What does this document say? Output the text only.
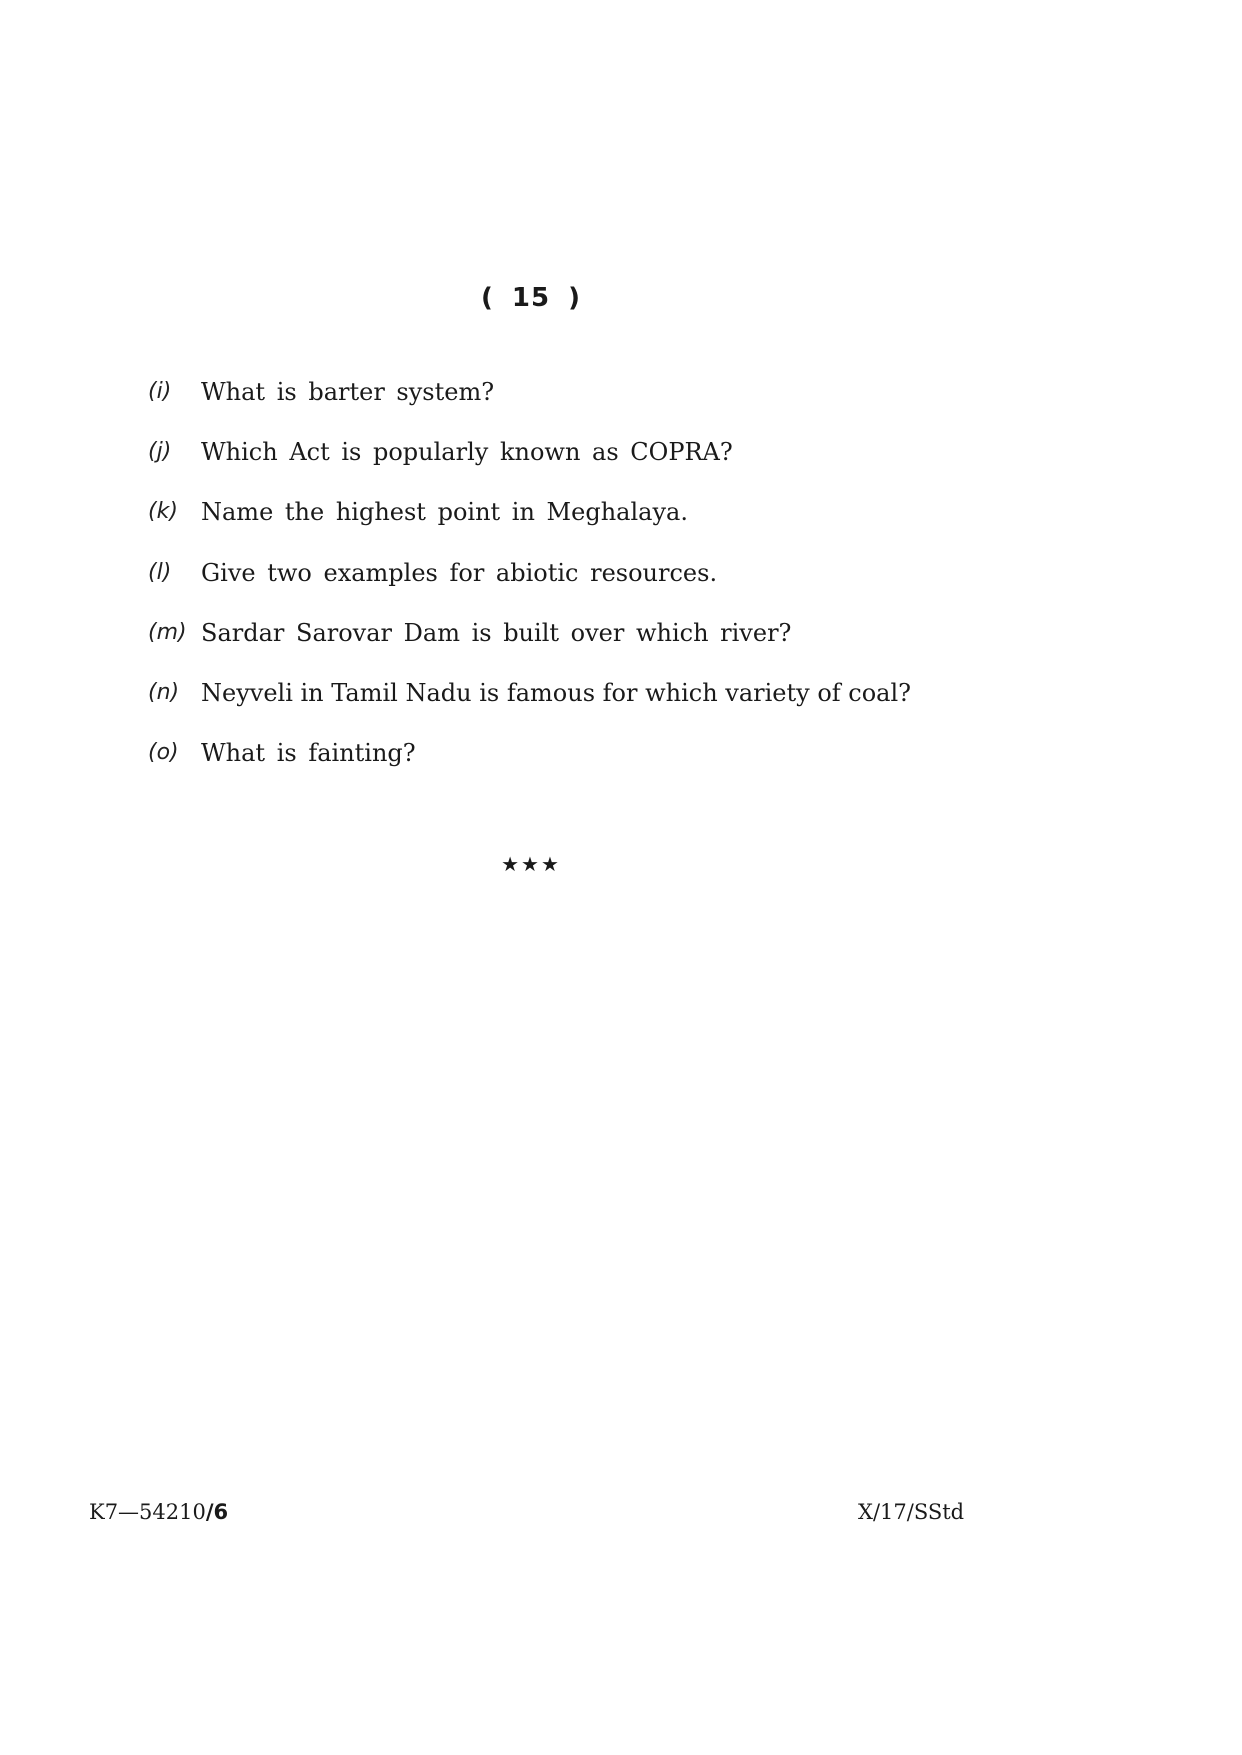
( 15 )
(i) What is barter system?
(j) Which Act is popularly known as COPRA?
(k) Name the highest point in Meghalaya.
(l) Give two examples for abiotic resources.
(m) Sardar Sarovar Dam is built over which river?
(n) Neyveli in Tamil Nadu is famous for which variety of coal?
(o) What is fainting?
★★★
K7—54210/6	X/17/SStd
